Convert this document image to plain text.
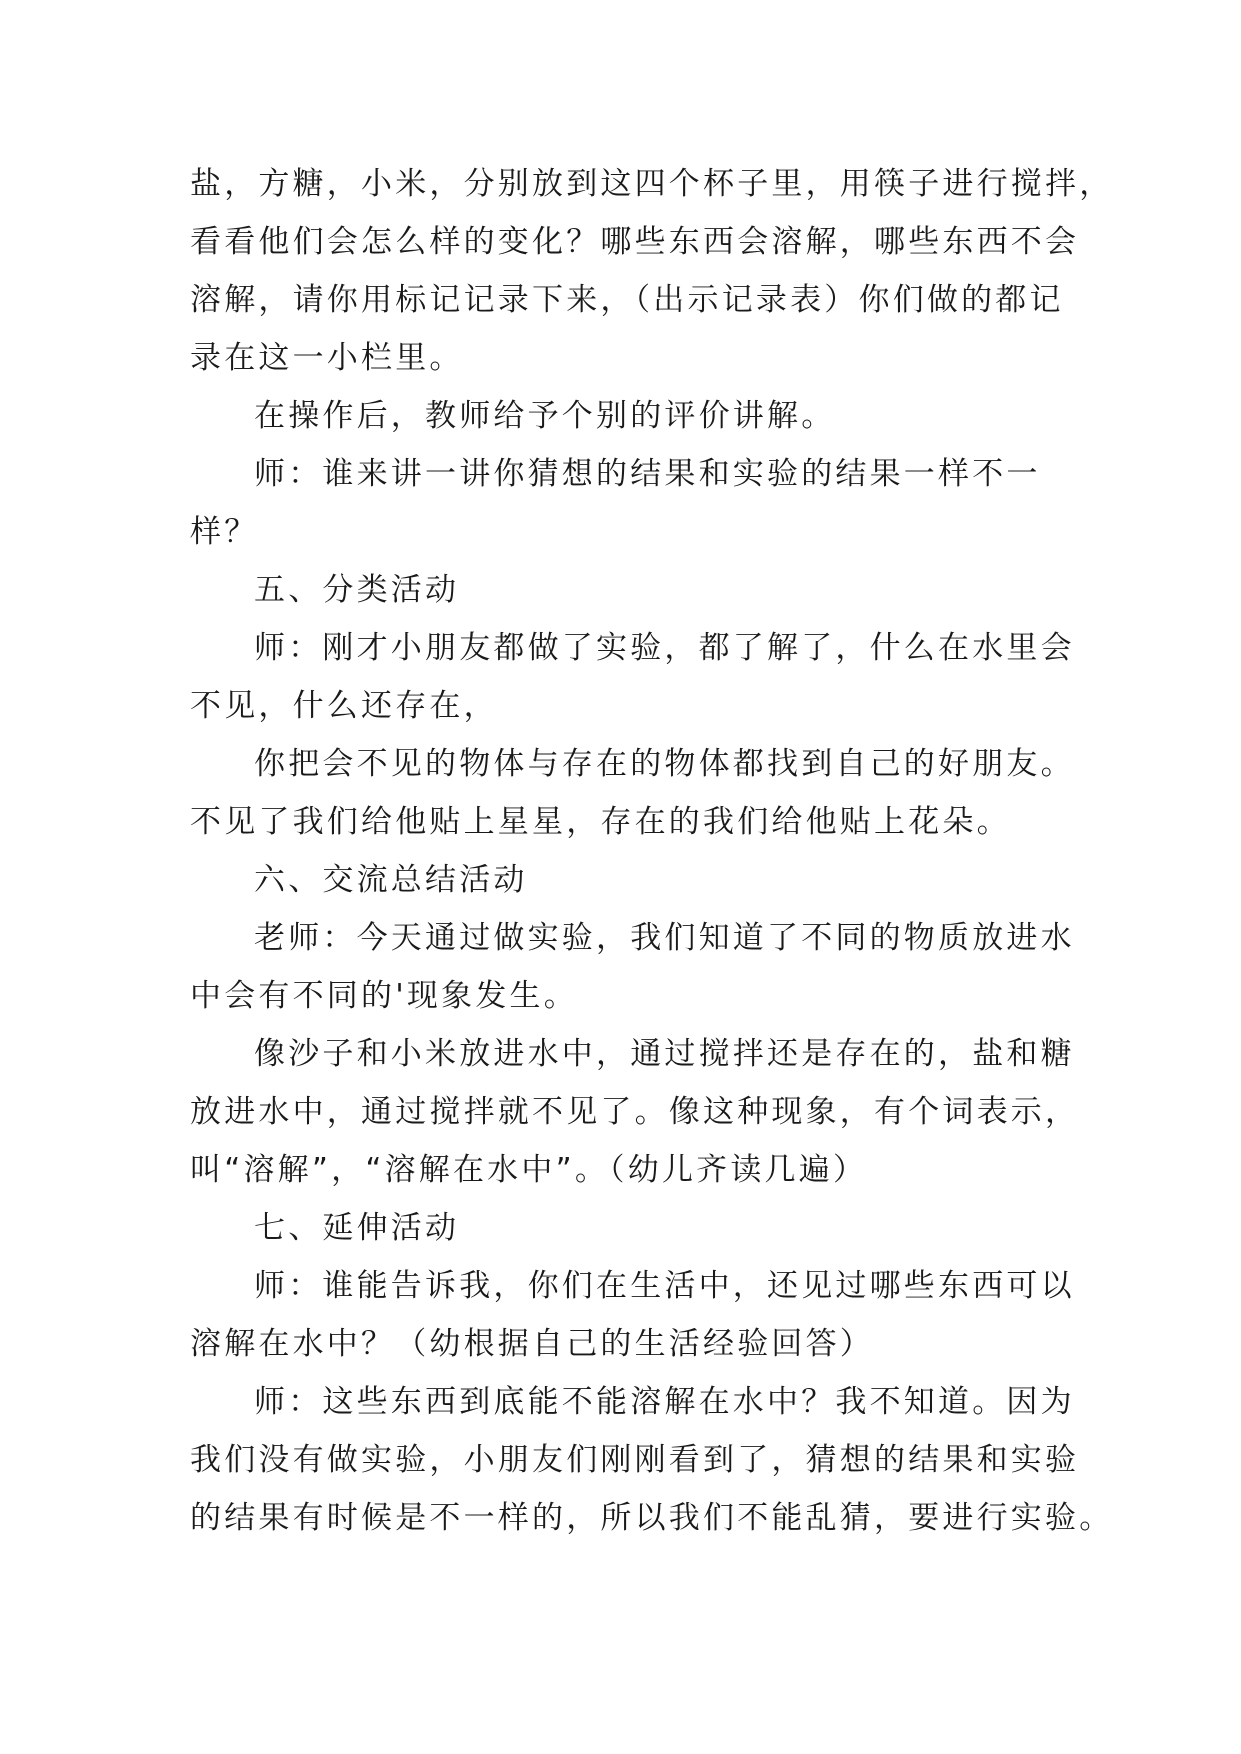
盐，方糖，小米，分别放到这四个杯子里，用筷子进行搅拌，
看看他们会怎么样的变化？哪些东西会溶解，哪些东西不会
溶解，请你用标记记录下来，（出示记录表）你们做的都记
录在这一小栏里。
在操作后，教师给予个别的评价讲解。
师：谁来讲一讲你猜想的结果和实验的结果一样不一
样？
五、分类活动
师：刚才小朋友都做了实验，都了解了，什么在水里会
不见，什么还存在，
你把会不见的物体与存在的物体都找到自己的好朋友。
不见了我们给他贴上星星，存在的我们给他贴上花朵。
六、交流总结活动
老师：今天通过做实验，我们知道了不同的物质放进水
中会有不同的'现象发生。
像沙子和小米放进水中，通过搅拌还是存在的，盐和糖
放进水中，通过搅拌就不见了。像这种现象，有个词表示，
叫“溶解”，“溶解在水中”。（幼儿齐读几遍）
七、延伸活动
师：谁能告诉我，你们在生活中，还见过哪些东西可以
溶解在水中？（幼根据自己的生活经验回答）
师：这些东西到底能不能溶解在水中？我不知道。因为
我们没有做实验，小朋友们刚刚看到了，猜想的结果和实验
的结果有时候是不一样的，所以我们不能乱猜，要进行实验。
